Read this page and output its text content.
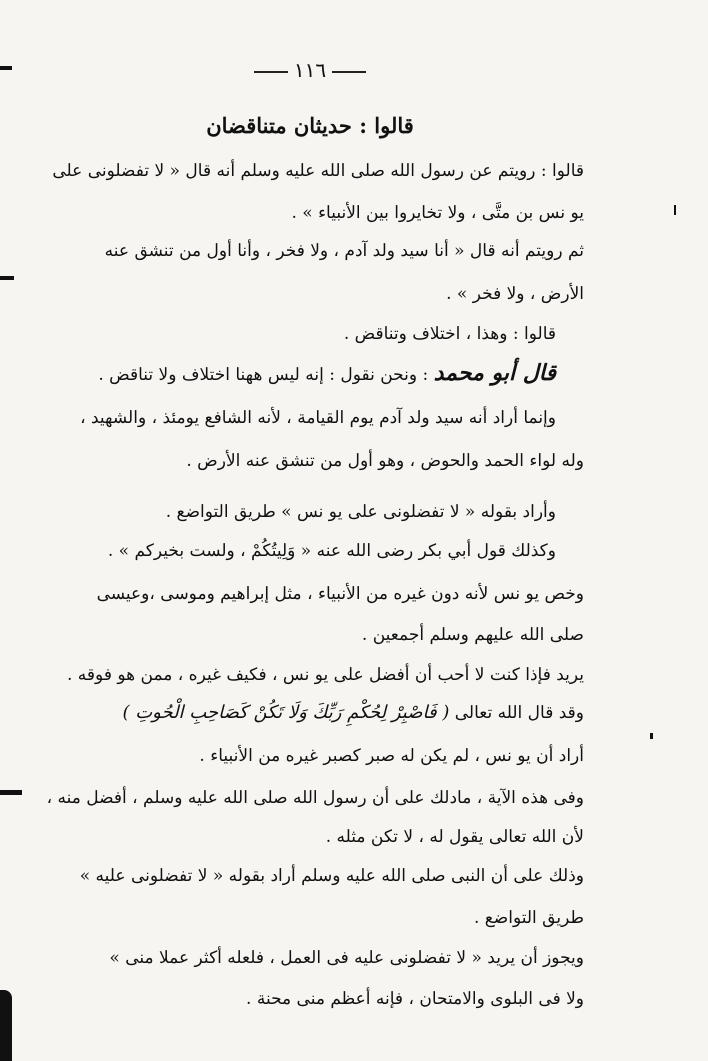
١١٦
قالوا : حديثان متناقضان
قالوا : رويتم عن رسول الله صلى الله عليه وسلم أنه قال « لا تفضلونى على
يو نس بن متَّى ، ولا تخايروا بين الأنبياء » .
ثم رويتم أنه قال « أنا سيد ولد آدم ، ولا فخر ، وأنا أول من تنشق عنه
الأرض ، ولا فخر » .
قالوا : وهذا ، اختلاف وتناقض .
قال أبو محمد : ونحن نقول : إنه ليس ههنا اختلاف ولا تناقض .
وإنما أراد أنه سيد ولد آدم يوم القيامة ، لأنه الشافع يومئذ ، والشهيد ،
وله لواء الحمد والحوض ، وهو أول من تنشق عنه الأرض .
وأراد بقوله « لا تفضلونى على يو نس » طريق التواضع .
وكذلك قول أبي بكر رضى الله عنه « وَلِيتُكُمْ ، ولست بخيركم » .
وخص يو نس لأنه دون غيره من الأنبياء ، مثل إبراهيم وموسى ،وعيسى
صلى الله عليهم وسلم أجمعين .
يريد فإذا كنت لا أحب أن أفضل على يو نس ، فكيف غيره ، ممن هو فوقه .
وقد قال الله تعالى ( فَاصْبِرْ لِحُكْمِ رَبِّكَ وَلَا تَكُنْ كَصَاحِبِ الْحُوتِ )
أراد أن يو نس ، لم يكن له صبر كصبر غيره من الأنبياء .
وفى هذه الآية ، مادلك على أن رسول الله صلى الله عليه وسلم ، أفضل منه ،
لأن الله تعالى يقول له ، لا تكن مثله .
وذلك على أن النبى صلى الله عليه وسلم أراد بقوله « لا تفضلونى عليه »
طريق التواضع .
ويجوز أن يريد « لا تفضلونى عليه فى العمل ، فلعله أكثر عملا منى »
ولا فى البلوى والامتحان ، فإنه أعظم منى محنة .
